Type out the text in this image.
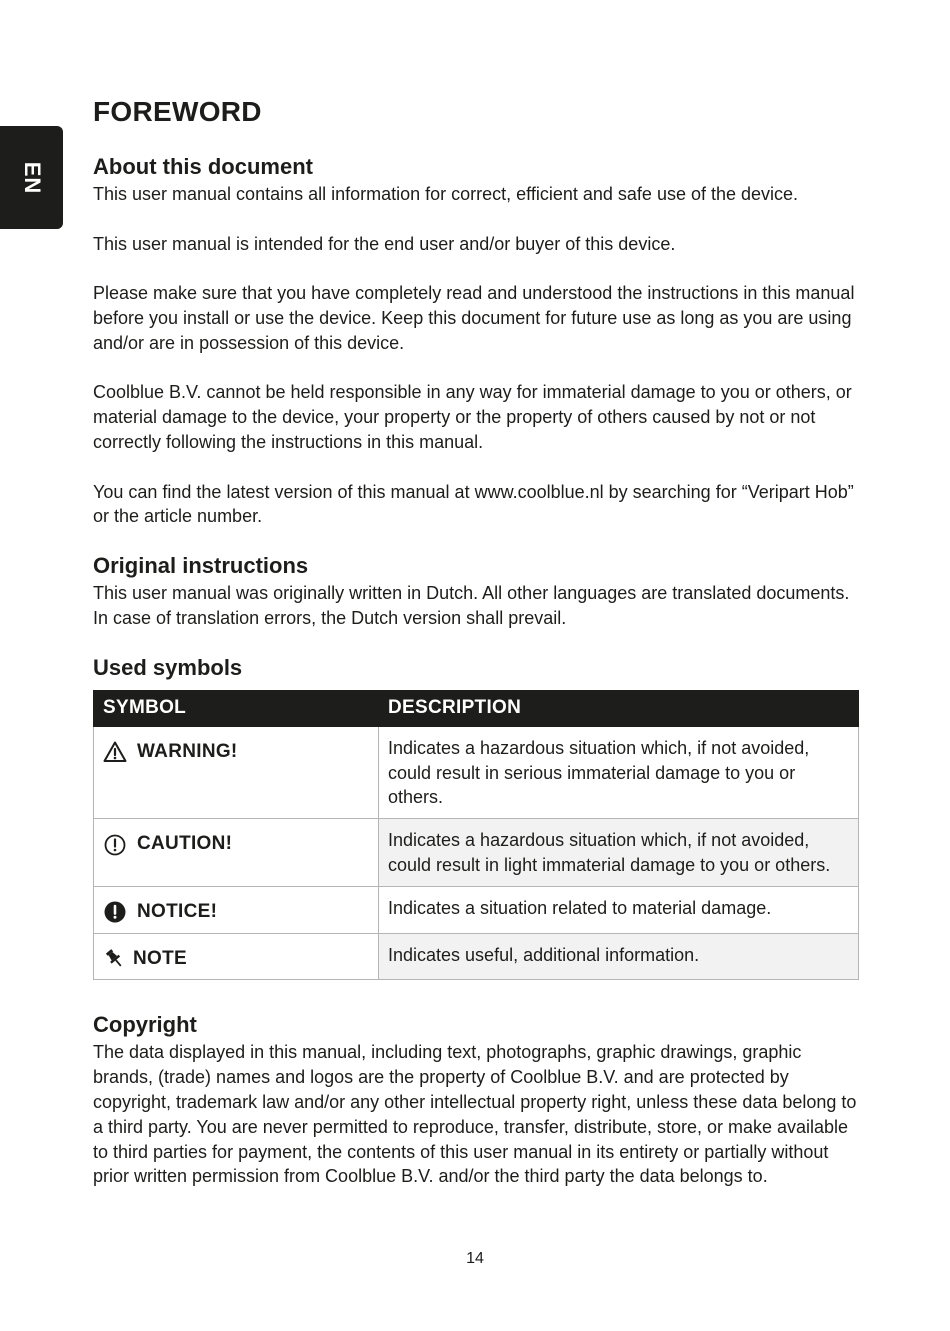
EN
FOREWORD
About this document

This user manual contains all information for correct, efficient and safe use of the device.

This user manual is intended for the end user and/or buyer of this device.

Please make sure that you have completely read and understood the instructions in this manual before you install or use the device. Keep this document for future use as long as you are using and/or are in possession of this device.

Coolblue B.V. cannot be held responsible in any way for immaterial damage to you or others, or material damage to the device, your property or the property of others caused by not or not correctly following the instructions in this manual.

You can find the latest version of this manual at www.coolblue.nl by searching for “Veripart Hob” or the article number.

Original instructions

This user manual was originally written in Dutch. All other languages are translated documents. In case of translation errors, the Dutch version shall prevail.

Used symbols
SYMBOL	DESCRIPTION

WARNING!	Indicates a hazardous situation which, if not avoided, could result in serious immaterial damage to you or others.

CAUTION!	Indicates a hazardous situation which, if not avoided, could result in light immaterial damage to you or others.

NOTICE!	Indicates a situation related to material damage.

NOTE	Indicates useful, additional information.
Copyright

The data displayed in this manual, including text, photographs, graphic drawings, graphic brands, (trade) names and logos are the property of Coolblue B.V. and are protected by copyright, trademark law and/or any other intellectual property right, unless these data belong to a third party. You are never permitted to reproduce, transfer, distribute, store, or make available to third parties for payment, the contents of this user manual in its entirety or partially without prior written permission from Coolblue B.V. and/or the third party the data belongs to.

14
